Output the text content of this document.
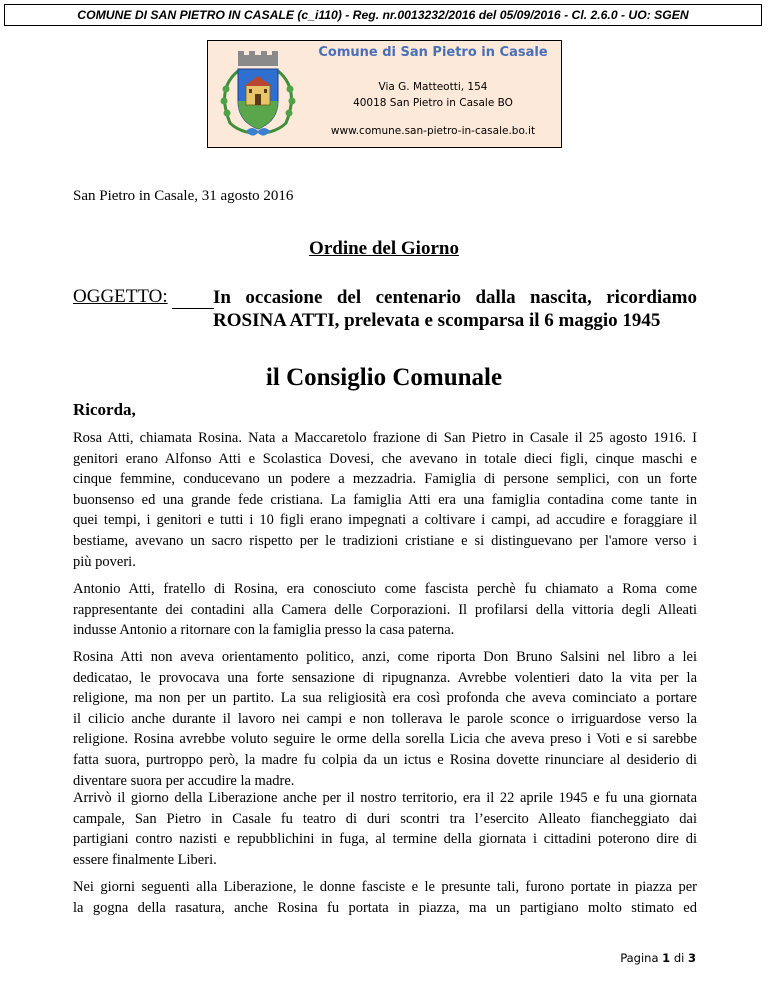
COMUNE DI SAN PIETRO IN CASALE (c_i110) - Reg. nr.0013232/2016 del 05/09/2016 - Cl. 2.6.0 - UO: SGEN
Comune di San Pietro in Casale
Via G. Matteotti, 154
40018 San Pietro in Casale BO
www.comune.san-pietro-in-casale.bo.it
San Pietro in Casale, 31 agosto 2016
Ordine del Giorno
OGGETTO: In occasione del centenario dalla nascita, ricordiamo
ROSINA ATTI, prelevata e scomparsa il 6 maggio 1945
il Consiglio Comunale
Ricorda,

Rosa Atti, chiamata Rosina. Nata a Maccaretolo frazione di San Pietro in Casale il 25 agosto 1916. I
genitori erano Alfonso Atti e Scolastica Dovesi, che avevano in totale dieci figli, cinque maschi e
cinque femmine, conducevano un podere a mezzadria. Famiglia di persone semplici, con un forte
buonsenso ed una grande fede cristiana. La famiglia Atti era una famiglia contadina come tante in
quei tempi, i genitori e tutti i 10 figli erano impegnati a coltivare i campi, ad accudire e foraggiare il
bestiame, avevano un sacro rispetto per le tradizioni cristiane e si distinguevano per l'amore verso i
più poveri.

Antonio Atti, fratello di Rosina, era conosciuto come fascista perchè fu chiamato a Roma come
rappresentante dei contadini alla Camera delle Corporazioni. Il profilarsi della vittoria degli Alleati
indusse Antonio a ritornare con la famiglia presso la casa paterna.

Rosina Atti non aveva orientamento politico, anzi, come riporta Don Bruno Salsini nel libro a lei
dedicatao, le provocava una forte sensazione di ripugnanza. Avrebbe volentieri dato la vita per la
religione, ma non per un partito. La sua religiosità era così profonda che aveva cominciato a portare
il cilicio anche durante il lavoro nei campi e non tollerava le parole sconce o irriguardose verso la
religione. Rosina avrebbe voluto seguire le orme della sorella Licia che aveva preso i Voti e si sarebbe
fatta suora, purtroppo però, la madre fu colpia da un ictus e Rosina dovette rinunciare al desiderio di
diventare suora per accudire la madre.

Arrivò il giorno della Liberazione anche per il nostro territorio, era il 22 aprile 1945 e fu una giornata
campale, San Pietro in Casale fu teatro di duri scontri tra l’esercito Alleato fiancheggiato dai
partigiani contro nazisti e repubblichini in fuga, al termine della giornata i cittadini poterono dire di
essere finalmente Liberi.

Nei giorni seguenti alla Liberazione, le donne fasciste e le presunte tali, furono portate in piazza per
la gogna della rasatura, anche Rosina fu portata in piazza, ma un partigiano molto stimato ed

Pagina 1 di 3
